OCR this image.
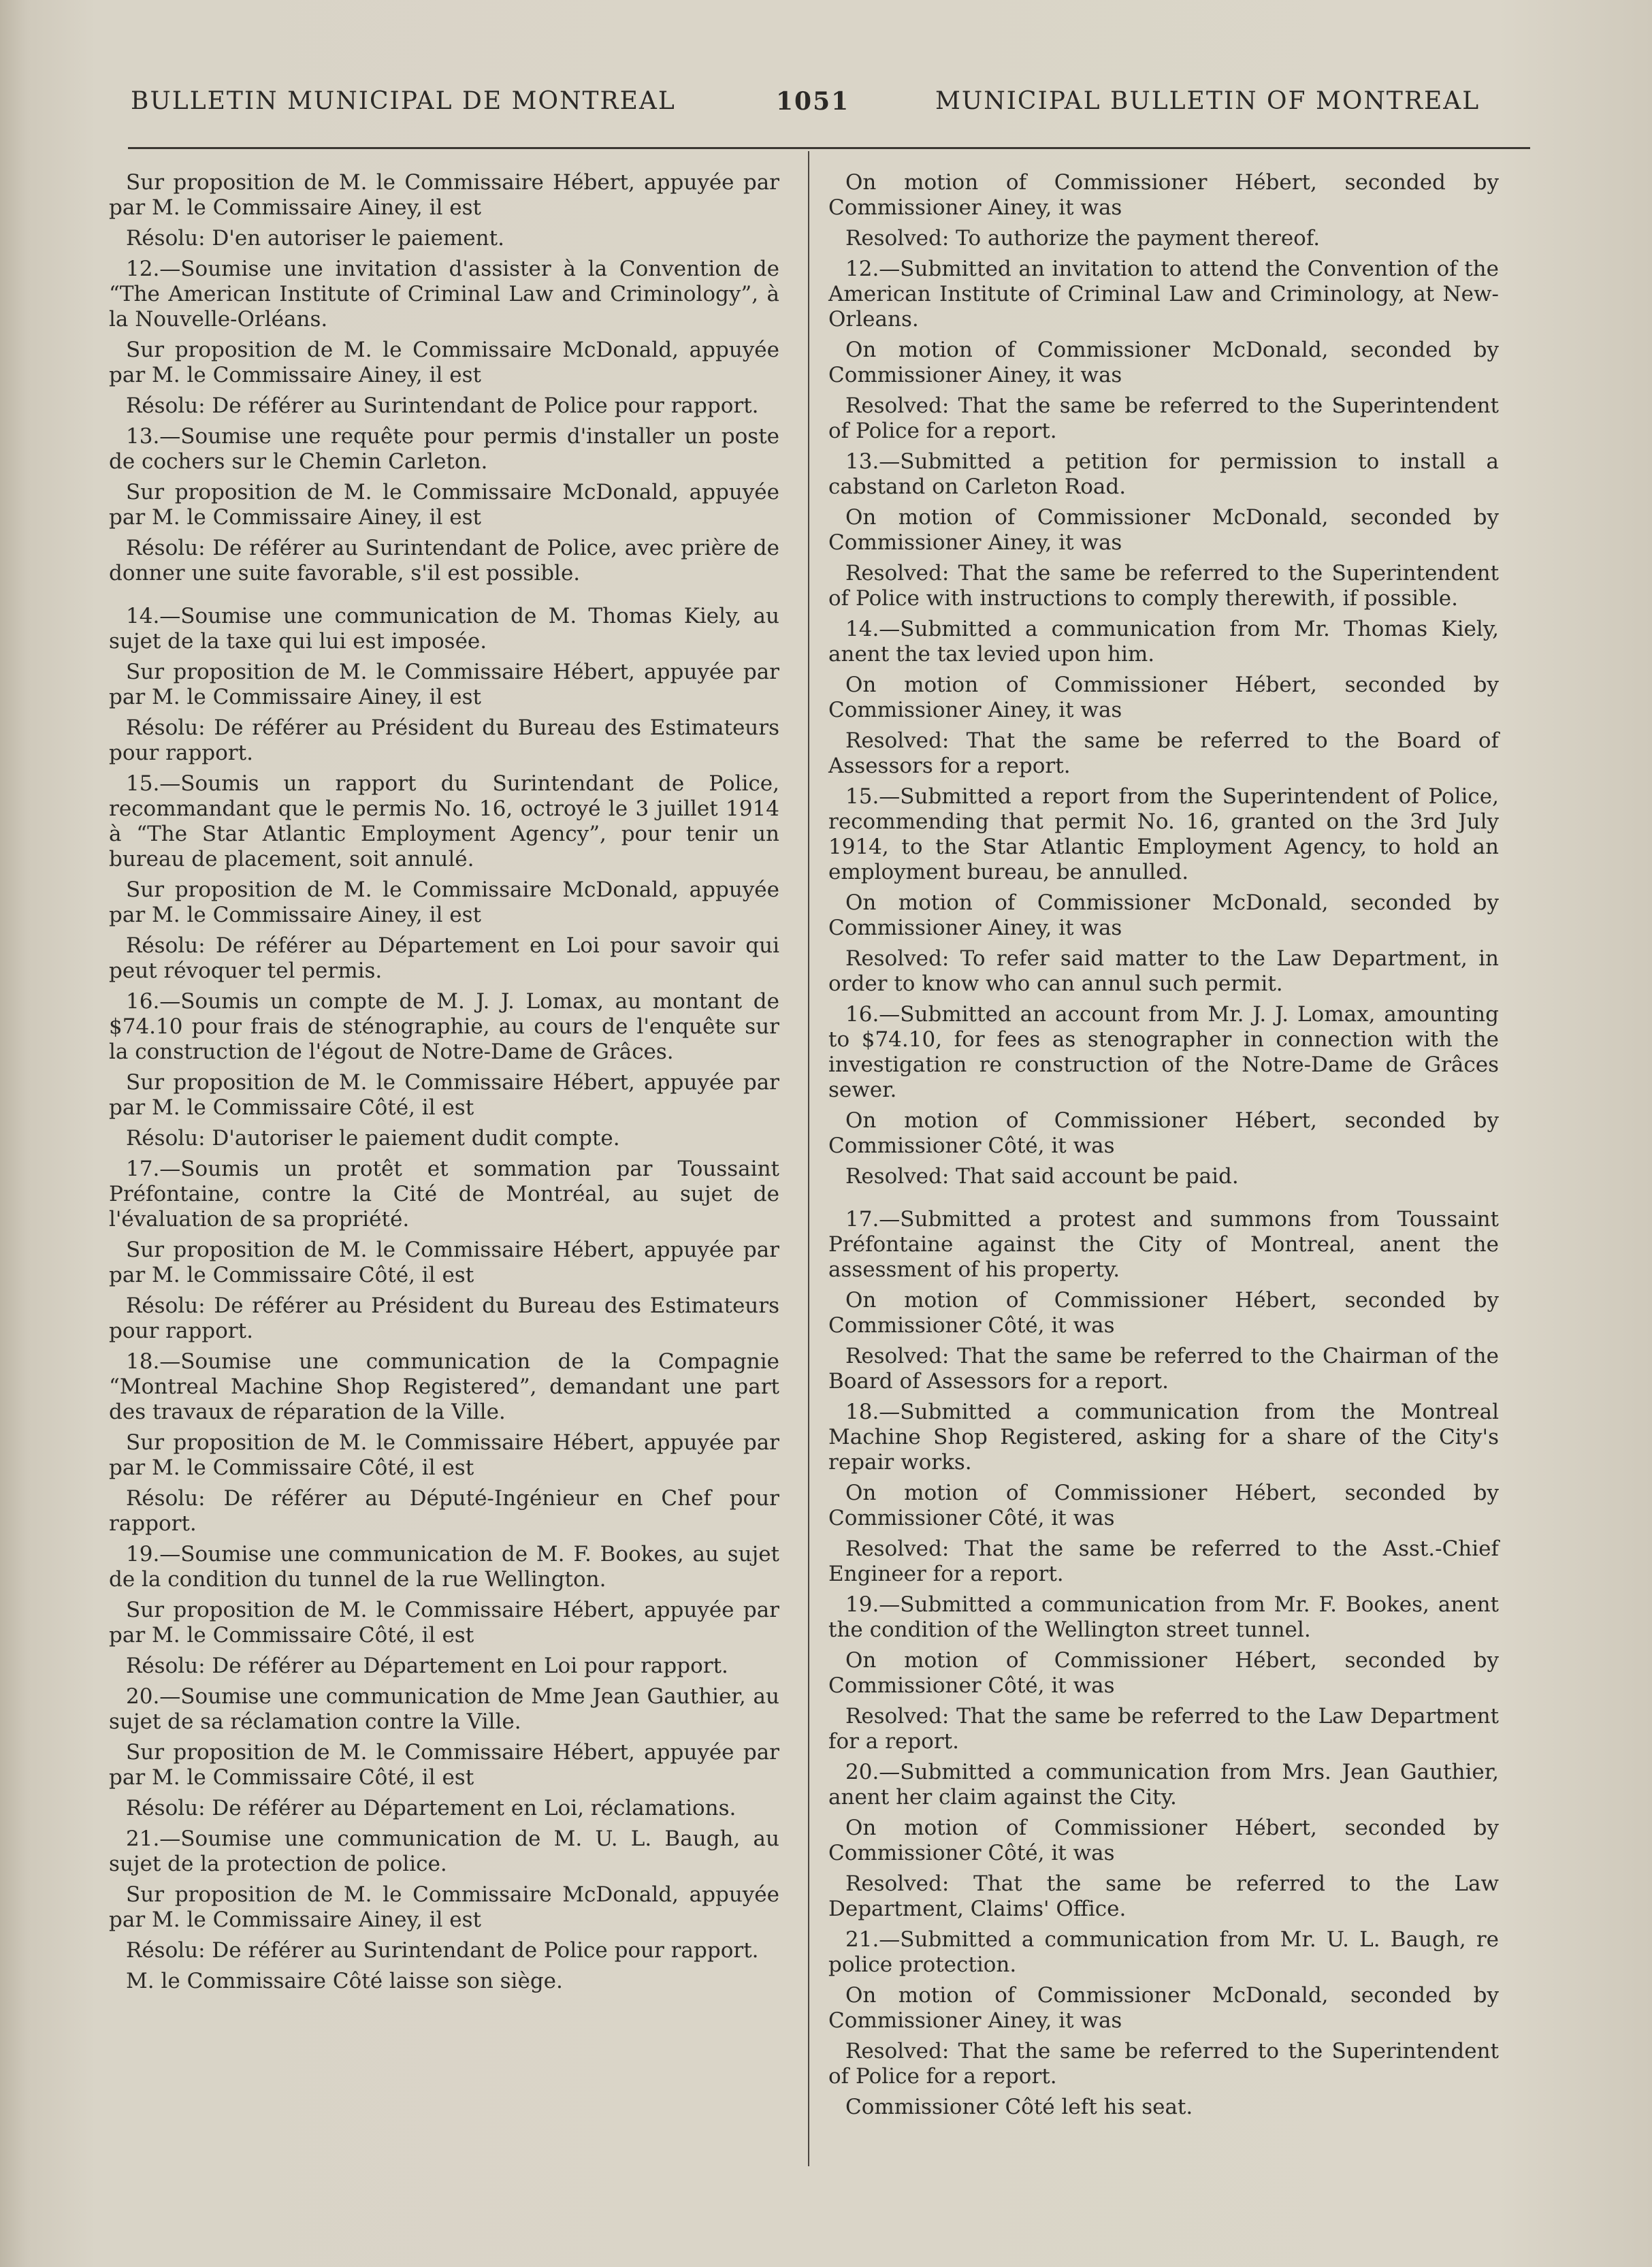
BULLETIN MUNICIPAL DE MONTREAL	1051	MUNICIPAL BULLETIN OF MONTREAL

Sur proposition de M. le Commissaire Hébert, appuyée par par M. le Commissaire Ainey, il est

Résolu: D'en autoriser le paiement.

12.—Soumise une invitation d'assister à la Convention de “The American Institute of Criminal Law and Criminology”, à la Nouvelle-Orléans.

Sur proposition de M. le Commissaire McDonald, appuyée par M. le Commissaire Ainey, il est

Résolu: De référer au Surintendant de Police pour rapport.

13.—Soumise une requête pour permis d'installer un poste de cochers sur le Chemin Carleton.

Sur proposition de M. le Commissaire McDonald, appuyée par M. le Commissaire Ainey, il est

Résolu: De référer au Surintendant de Police, avec prière de donner une suite favorable, s'il est possible.

14.—Soumise une communication de M. Thomas Kiely, au sujet de la taxe qui lui est imposée.

Sur proposition de M. le Commissaire Hébert, appuyée par par M. le Commissaire Ainey, il est

Résolu: De référer au Président du Bureau des Estimateurs pour rapport.

15.—Soumis un rapport du Surintendant de Police, recommandant que le permis No. 16, octroyé le 3 juillet 1914 à “The Star Atlantic Employment Agency”, pour tenir un bureau de placement, soit annulé.

Sur proposition de M. le Commissaire McDonald, appuyée par M. le Commissaire Ainey, il est

Résolu: De référer au Département en Loi pour savoir qui peut révoquer tel permis.

16.—Soumis un compte de M. J. J. Lomax, au montant de $74.10 pour frais de sténographie, au cours de l'enquête sur la construction de l'égout de Notre-Dame de Grâces.

Sur proposition de M. le Commissaire Hébert, appuyée par par M. le Commissaire Côté, il est

Résolu: D'autoriser le paiement dudit compte.

17.—Soumis un protêt et sommation par Toussaint Préfontaine, contre la Cité de Montréal, au sujet de l'évaluation de sa propriété.

Sur proposition de M. le Commissaire Hébert, appuyée par par M. le Commissaire Côté, il est

Résolu: De référer au Président du Bureau des Estimateurs pour rapport.

18.—Soumise une communication de la Compagnie “Montreal Machine Shop Registered”, demandant une part des travaux de réparation de la Ville.

Sur proposition de M. le Commissaire Hébert, appuyée par par M. le Commissaire Côté, il est

Résolu: De référer au Député-Ingénieur en Chef pour rapport.

19.—Soumise une communication de M. F. Bookes, au sujet de la condition du tunnel de la rue Wellington.

Sur proposition de M. le Commissaire Hébert, appuyée par par M. le Commissaire Côté, il est

Résolu: De référer au Département en Loi pour rapport.

20.—Soumise une communication de Mme Jean Gauthier, au sujet de sa réclamation contre la Ville.

Sur proposition de M. le Commissaire Hébert, appuyée par par M. le Commissaire Côté, il est

Résolu: De référer au Département en Loi, réclamations.

21.—Soumise une communication de M. U. L. Baugh, au sujet de la protection de police.

Sur proposition de M. le Commissaire McDonald, appuyée par M. le Commissaire Ainey, il est

Résolu: De référer au Surintendant de Police pour rapport.

M. le Commissaire Côté laisse son siège.

On motion of Commissioner Hébert, seconded by Commissioner Ainey, it was

Resolved: To authorize the payment thereof.

12.—Submitted an invitation to attend the Convention of the American Institute of Criminal Law and Criminology, at New-Orleans.

On motion of Commissioner McDonald, seconded by Commissioner Ainey, it was

Resolved: That the same be referred to the Superintendent of Police for a report.

13.—Submitted a petition for permission to install a cabstand on Carleton Road.

On motion of Commissioner McDonald, seconded by Commissioner Ainey, it was

Resolved: That the same be referred to the Superintendent of Police with instructions to comply therewith, if possible.

14.—Submitted a communication from Mr. Thomas Kiely, anent the tax levied upon him.

On motion of Commissioner Hébert, seconded by Commissioner Ainey, it was

Resolved: That the same be referred to the Board of Assessors for a report.

15.—Submitted a report from the Superintendent of Police, recommending that permit No. 16, granted on the 3rd July 1914, to the Star Atlantic Employment Agency, to hold an employment bureau, be annulled.

On motion of Commissioner McDonald, seconded by Commissioner Ainey, it was

Resolved: To refer said matter to the Law Department, in order to know who can annul such permit.

16.—Submitted an account from Mr. J. J. Lomax, amounting to $74.10, for fees as stenographer in connection with the investigation re construction of the Notre-Dame de Grâces sewer.

On motion of Commissioner Hébert, seconded by Commissioner Côté, it was

Resolved: That said account be paid.

17.—Submitted a protest and summons from Toussaint Préfontaine against the City of Montreal, anent the assessment of his property.

On motion of Commissioner Hébert, seconded by Commissioner Côté, it was

Resolved: That the same be referred to the Chairman of the Board of Assessors for a report.

18.—Submitted a communication from the Montreal Machine Shop Registered, asking for a share of the City's repair works.

On motion of Commissioner Hébert, seconded by Commissioner Côté, it was

Resolved: That the same be referred to the Asst.-Chief Engineer for a report.

19.—Submitted a communication from Mr. F. Bookes, anent the condition of the Wellington street tunnel.

On motion of Commissioner Hébert, seconded by Commissioner Côté, it was

Resolved: That the same be referred to the Law Department for a report.

20.—Submitted a communication from Mrs. Jean Gauthier, anent her claim against the City.

On motion of Commissioner Hébert, seconded by Commissioner Côté, it was

Resolved: That the same be referred to the Law Department, Claims' Office.

21.—Submitted a communication from Mr. U. L. Baugh, re police protection.

On motion of Commissioner McDonald, seconded by Commissioner Ainey, it was

Resolved: That the same be referred to the Superintendent of Police for a report.

Commissioner Côté left his seat.
